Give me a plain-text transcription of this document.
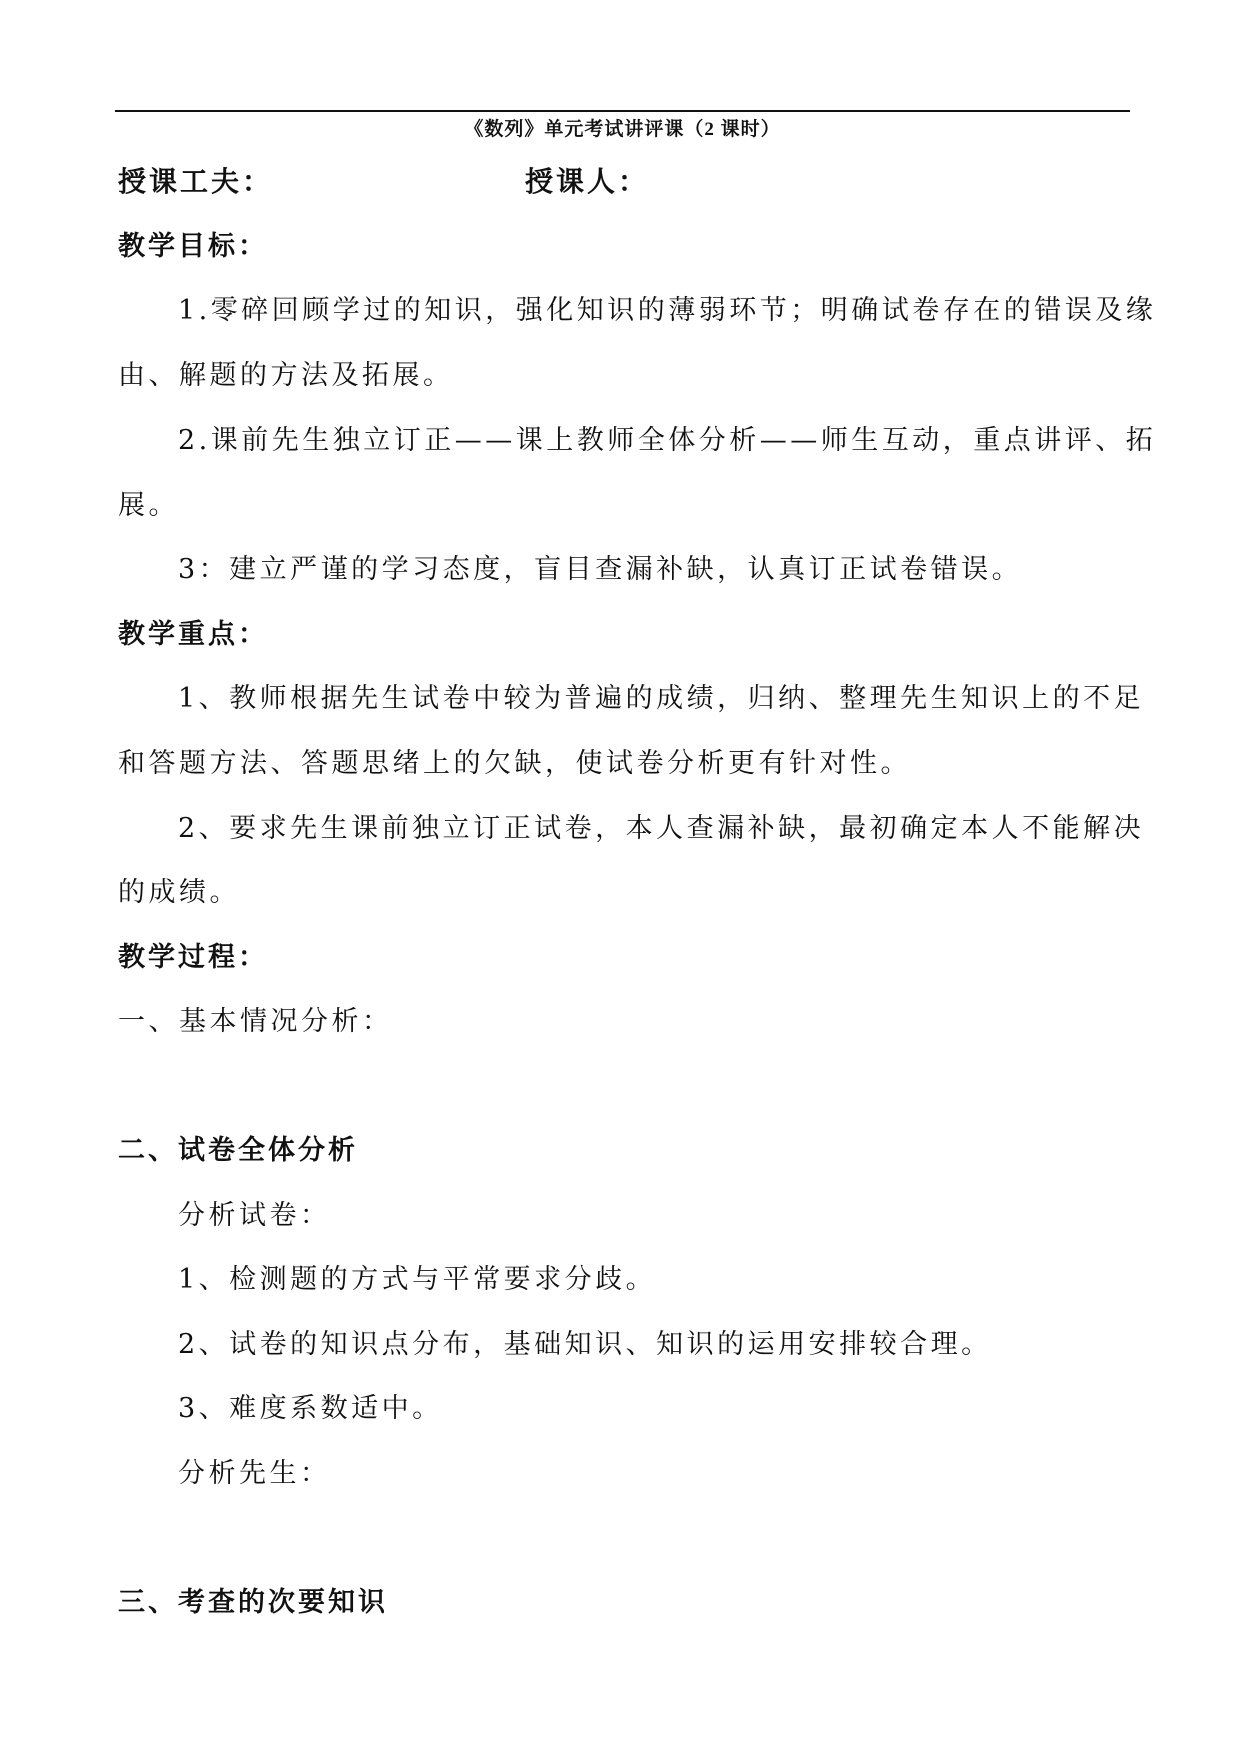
《数列》单元考试讲评课（2 课时）
授课工夫：	授课人：
教学目标：
1.零碎回顾学过的知识，强化知识的薄弱环节；明确试卷存在的错误及缘
由、解题的方法及拓展。
2.课前先生独立订正——课上教师全体分析——师生互动，重点讲评、拓
展。
3：建立严谨的学习态度，盲目查漏补缺，认真订正试卷错误。
教学重点：
1、教师根据先生试卷中较为普遍的成绩，归纳、整理先生知识上的不足
和答题方法、答题思绪上的欠缺，使试卷分析更有针对性。
2、要求先生课前独立订正试卷，本人查漏补缺，最初确定本人不能解决
的成绩。
教学过程：
一、基本情况分析：
二、试卷全体分析
分析试卷：
1、检测题的方式与平常要求分歧。
2、试卷的知识点分布，基础知识、知识的运用安排较合理。
3、难度系数适中。
分析先生：
三、考查的次要知识
